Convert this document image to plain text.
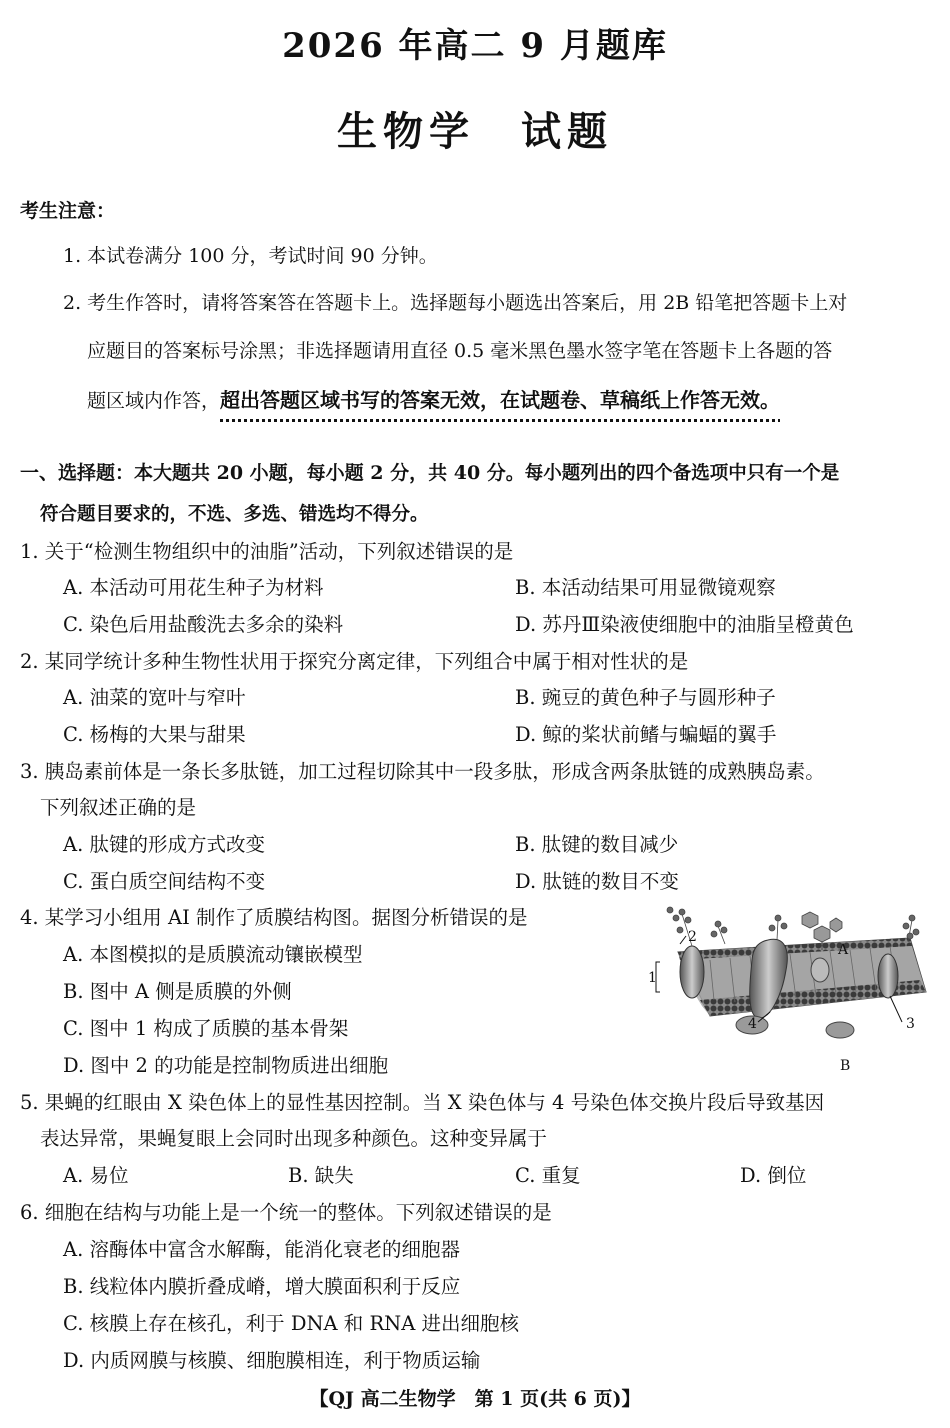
2026 年高二 9 月题库
生物学　试题
考生注意：
1. 本试卷满分 100 分，考试时间 90 分钟。
2. 考生作答时，请将答案答在答题卡上。选择题每小题选出答案后，用 2B 铅笔把答题卡上对
应题目的答案标号涂黑；非选择题请用直径 0.5 毫米黑色墨水签字笔在答题卡上各题的答
题区域内作答，超出答题区域书写的答案无效，在试题卷、草稿纸上作答无效。
一、选择题：本大题共 20 小题，每小题 2 分，共 40 分。每小题列出的四个备选项中只有一个是
符合题目要求的，不选、多选、错选均不得分。
1. 关于“检测生物组织中的油脂”活动，下列叙述错误的是
A. 本活动可用花生种子为材料	B. 本活动结果可用显微镜观察
C. 染色后用盐酸洗去多余的染料	D. 苏丹Ⅲ染液使细胞中的油脂呈橙黄色
2. 某同学统计多种生物性状用于探究分离定律，下列组合中属于相对性状的是
A. 油菜的宽叶与窄叶	B. 豌豆的黄色种子与圆形种子
C. 杨梅的大果与甜果	D. 鲸的桨状前鳍与蝙蝠的翼手
3. 胰岛素前体是一条长多肽链，加工过程切除其中一段多肽，形成含两条肽链的成熟胰岛素。
下列叙述正确的是
A. 肽键的形成方式改变	B. 肽键的数目减少
C. 蛋白质空间结构不变	D. 肽链的数目不变
4. 某学习小组用 AI 制作了质膜结构图。据图分析错误的是
A. 本图模拟的是质膜流动镶嵌模型
B. 图中 A 侧是质膜的外侧
C. 图中 1 构成了质膜的基本骨架
D. 图中 2 的功能是控制物质进出细胞
1
2
A
3
4
B
5. 果蝇的红眼由 X 染色体上的显性基因控制。当 X 染色体与 4 号染色体交换片段后导致基因
表达异常，果蝇复眼上会同时出现多种颜色。这种变异属于
A. 易位	B. 缺失	C. 重复	D. 倒位
6. 细胞在结构与功能上是一个统一的整体。下列叙述错误的是
A. 溶酶体中富含水解酶，能消化衰老的细胞器
B. 线粒体内膜折叠成嵴，增大膜面积利于反应
C. 核膜上存在核孔，利于 DNA 和 RNA 进出细胞核
D. 内质网膜与核膜、细胞膜相连，利于物质运输
【QJ 高二生物学　第 1 页(共 6 页)】
